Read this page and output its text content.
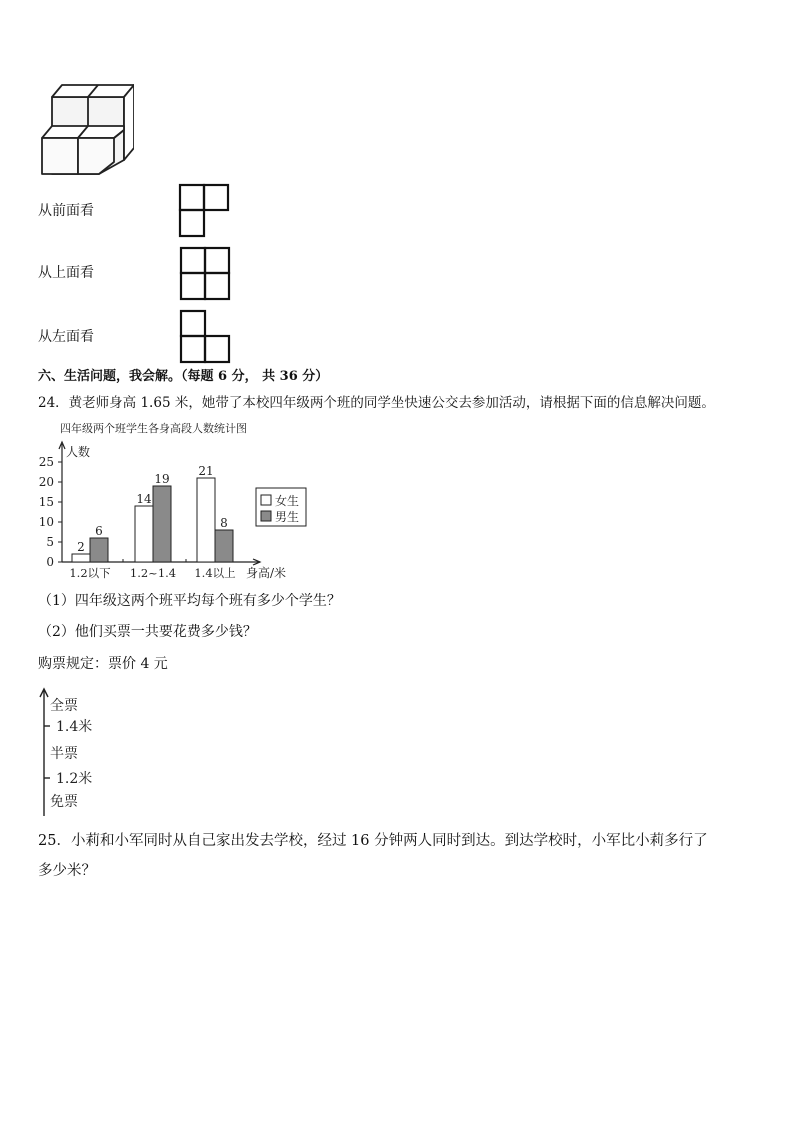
从前面看
从上面看
从左面看
六、生活问题，我会解。（每题 6 分， 共 36 分）
24．黄老师身高 1.65 米，她带了本校四年级两个班的同学坐快速公交去参加活动，请根据下面的信息解决问题。
四年级两个班学生各身高段人数统计图
0
5
10
15
20
25
人数
身高/米
2
6
1.2以下
14
19
1.2~1.4
21
8
1.4以上
女生
男生
（1）四年级这两个班平均每个班有多少个学生？
（2）他们买票一共要花费多少钱？
购票规定：票价 4 元
全票
1.4米
半票
1.2米
免票
25．小莉和小军同时从自己家出发去学校，经过 16 分钟两人同时到达。到达学校时，小军比小莉多行了
多少米？
